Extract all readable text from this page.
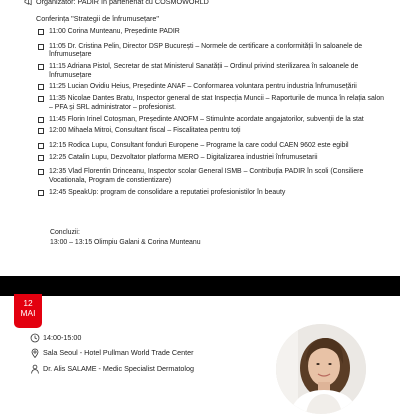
Organizator: PADIR în parteneriat cu COSMOWORLD
Conferința "Strategii de înfrumusețare"
11:00 Corina Munteanu, Președinte PADIR
11:05 Dr. Cristina Pelin, Director DSP București – Normele de certificare a conformității în saloanele de înfrumusețare
11:15 Adriana Pistol, Secretar de stat Ministerul Sanatății – Ordinul privind sterilizarea în saloanele de înfrumusețare
11:25 Lucian Ovidiu Heius, Președinte ANAF – Conformarea voluntara pentru industria înfrumusețării
11:35 Nicolae Dantes Bratu, Inspector general de stat Inspecția Muncii – Raporturile de munca în relația salon – PFA și SRL administrator – profesionist.
11:45 Florin Irinel Cotoșman, Președinte ANOFM – Stimulnte acordate angajatorilor, subvenții de la stat
12:00 Mihaela Mitroi, Consultant fiscal – Fiscalitatea pentru toți
12:15 Rodica Lupu, Consultant fonduri Europene – Programe la care codul CAEN 9602 este egibil
12:25 Catalin Lupu, Dezvoltator platforma MERO – Digitalizarea industriei înfrumusetarii
12:35 Vlad Florentin Drinceanu, Inspector scolar General ISMB – Contribuția PADIR în scoli (Consiliere Vocationala, Program de constientizare)
12:45 SpeakUp: program de consolidare a reputatiei profesionistilor în beauty
Concluzii:
13:00 – 13:15 Olimpiu Galani & Corina Munteanu
12
MAI
14:00-15:00
Sala Seoul - Hotel Pullman World Trade Center
Dr. Alis SALAME - Medic Specialist Dermatolog
